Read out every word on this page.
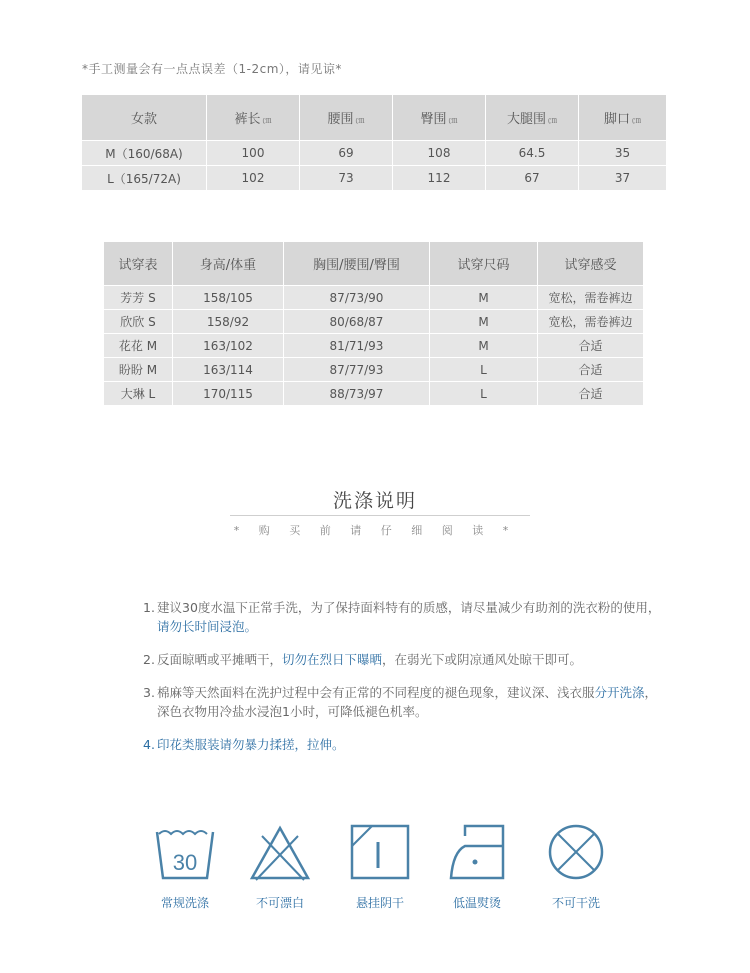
*手工测量会有一点点误差（1-2cm），请见谅*
女款	裤长 ㎝	腰围 ㎝	臀围 ㎝	大腿围 ㎝	脚口 ㎝
M（160/68A)	100	69	108	64.5	35
L（165/72A)	102	73	112	67	37
试穿表	身高/体重	胸围/腰围/臀围	试穿尺码	试穿感受
芳芳 S	158/105	87/73/90	M	宽松，需卷裤边
欣欣 S	158/92	80/68/87	M	宽松，需卷裤边
花花 M	163/102	81/71/93	M	合适
盼盼 M	163/114	87/77/93	L	合适
大琳 L	170/115	88/73/97	L	合适
洗涤说明
* 购 买 前 请 仔 细 阅 读 *
1. 建议30度水温下正常手洗，为了保持面料特有的质感，请尽量减少有助剂的洗衣粉的使用，请勿长时间浸泡。
2. 反面晾晒或平摊晒干，切勿在烈日下曝晒，在弱光下或阴凉通风处晾干即可。
3. 棉麻等天然面料在洗护过程中会有正常的不同程度的褪色现象，建议深、浅衣服分开洗涤，深色衣物用冷盐水浸泡1小时，可降低褪色机率。
4. 印花类服装请勿暴力揉搓，拉伸。
30
常规洗涤	不可漂白	悬挂阴干	低温熨烫	不可干洗
